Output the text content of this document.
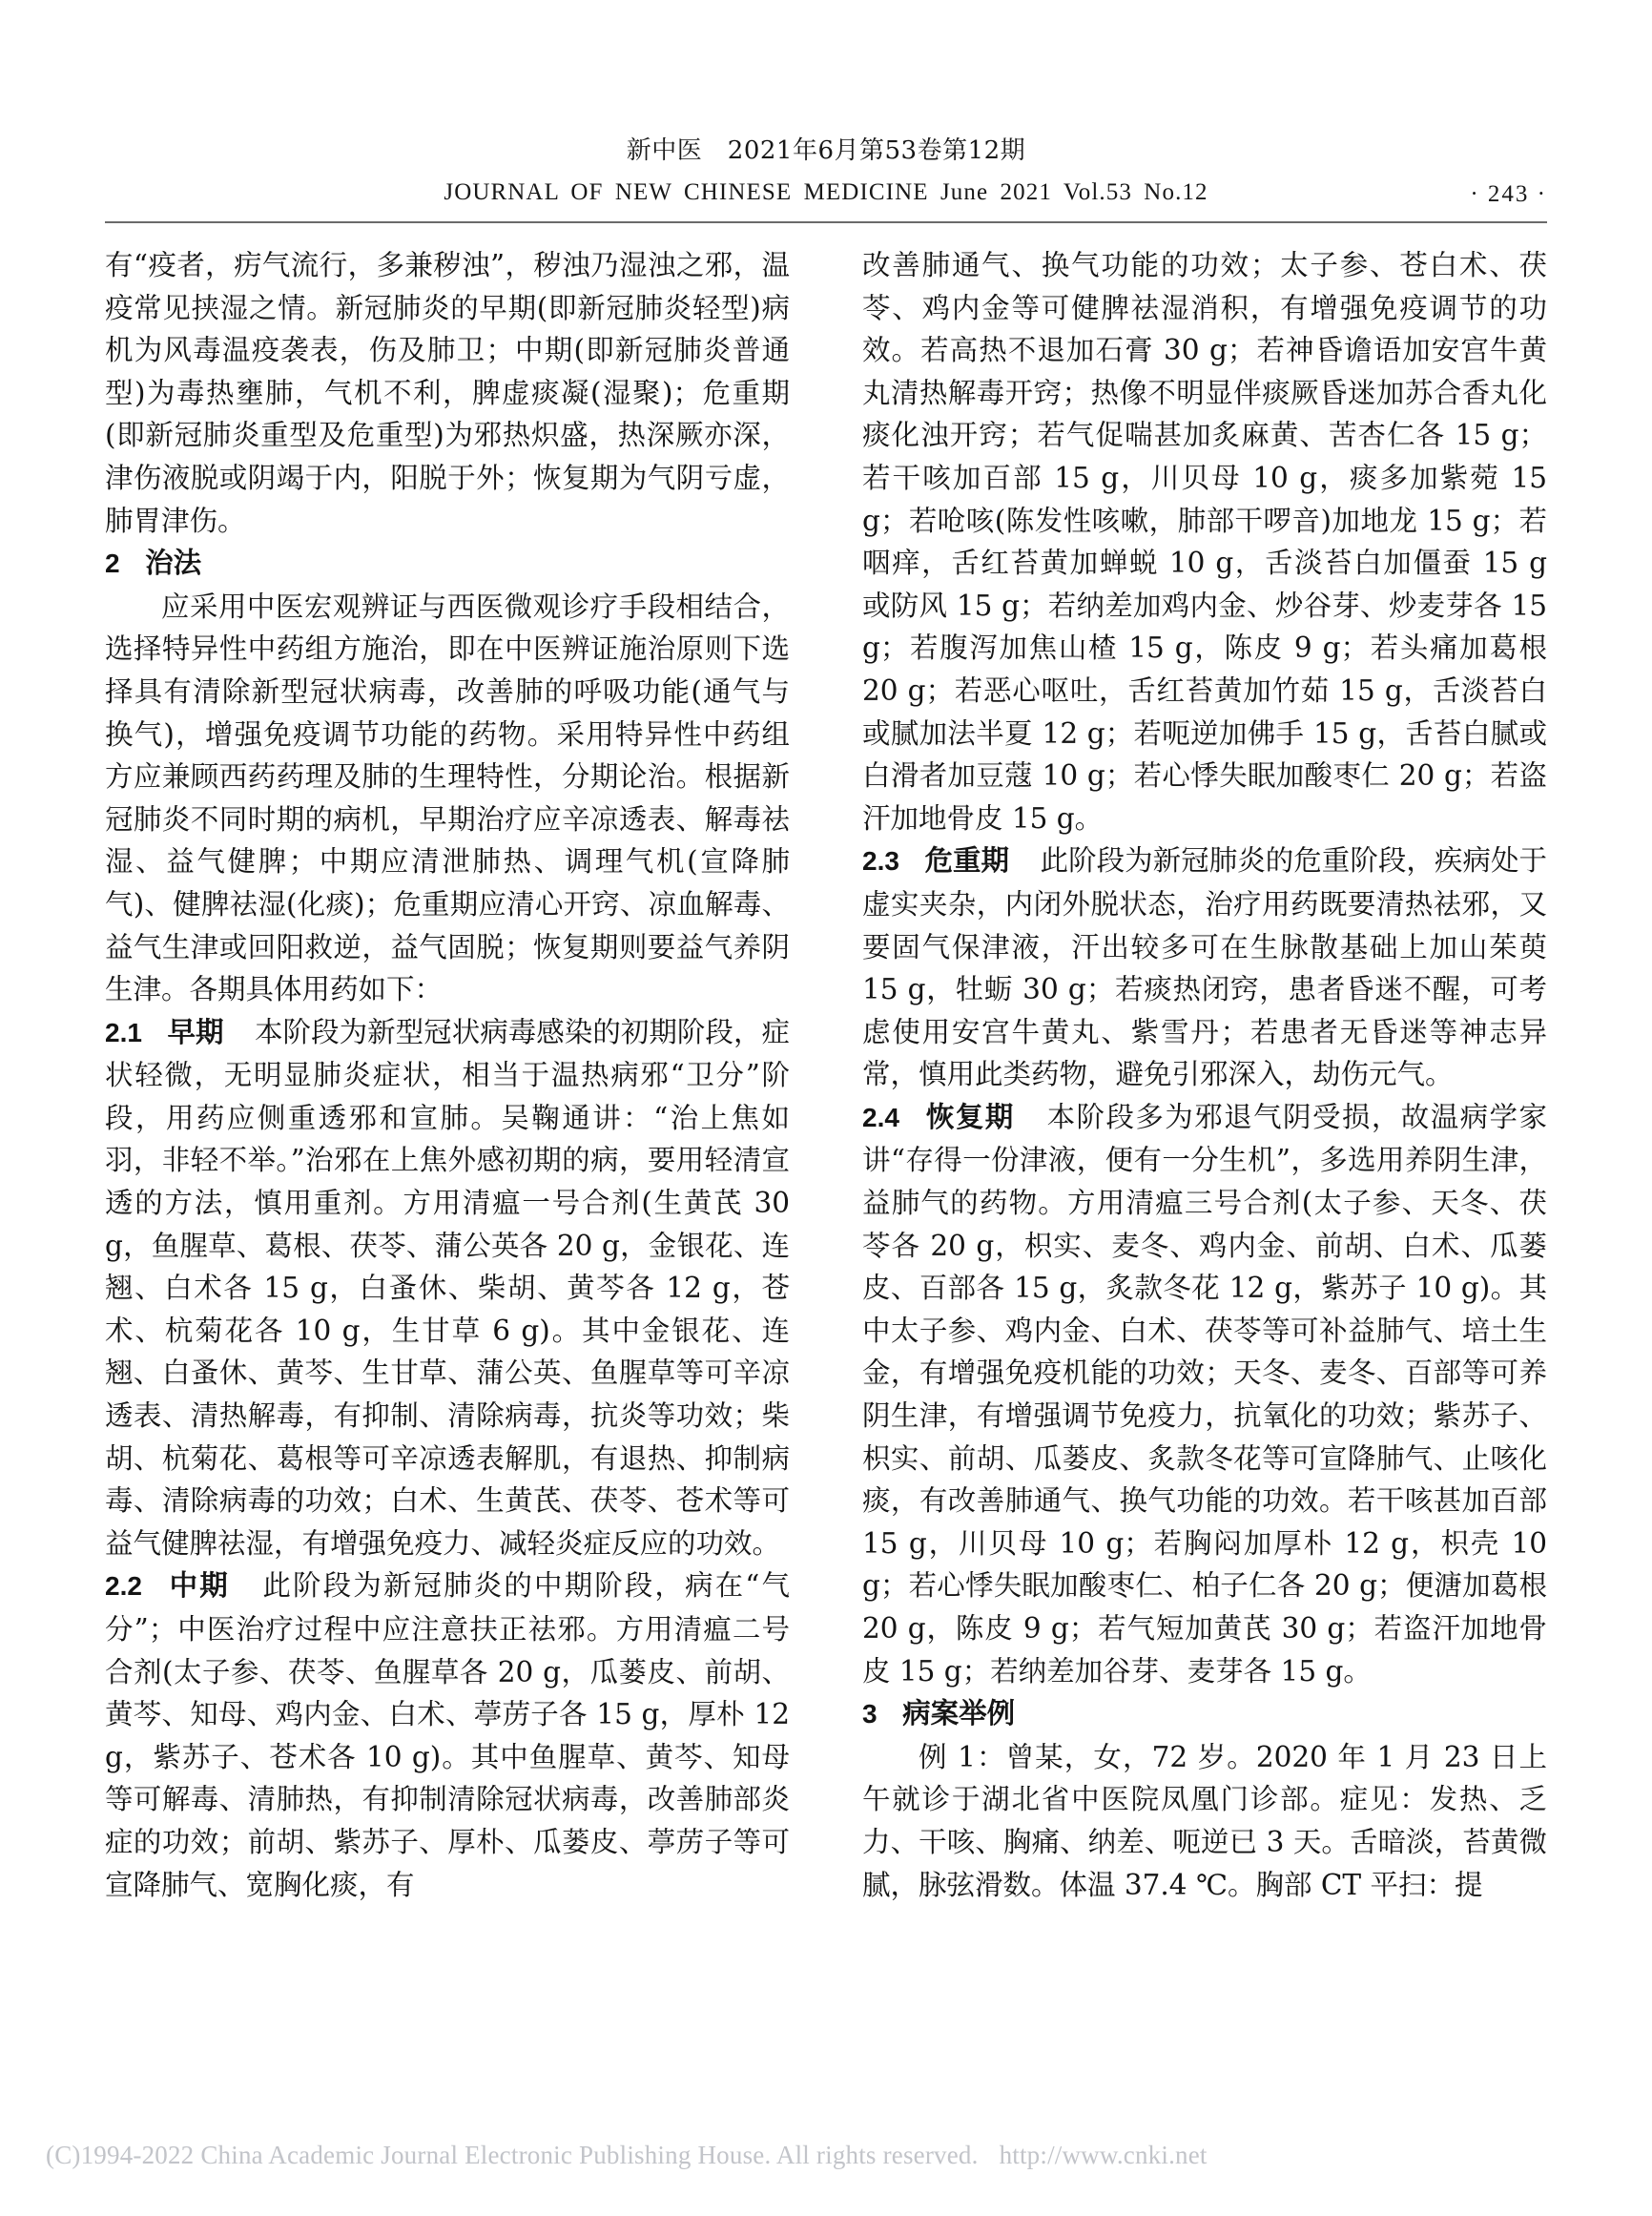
新中医　2021年6月第53卷第12期
JOURNAL OF NEW CHINESE MEDICINE June 2021 Vol.53 No.12	· 243 ·

有“疫者，疠气流行，多兼秽浊”，秽浊乃湿浊之邪，温疫常见挟湿之情。新冠肺炎的早期(即新冠肺炎轻型)病机为风毒温疫袭表，伤及肺卫；中期(即新冠肺炎普通型)为毒热壅肺，气机不利，脾虚痰凝(湿聚)；危重期(即新冠肺炎重型及危重型)为邪热炽盛，热深厥亦深，津伤液脱或阴竭于内，阳脱于外；恢复期为气阴亏虚，肺胃津伤。

2 治法

应采用中医宏观辨证与西医微观诊疗手段相结合，选择特异性中药组方施治，即在中医辨证施治原则下选择具有清除新型冠状病毒，改善肺的呼吸功能(通气与换气)，增强免疫调节功能的药物。采用特异性中药组方应兼顾西药药理及肺的生理特性，分期论治。根据新冠肺炎不同时期的病机，早期治疗应辛凉透表、解毒祛湿、益气健脾；中期应清泄肺热、调理气机(宣降肺气)、健脾祛湿(化痰)；危重期应清心开窍、凉血解毒、益气生津或回阳救逆，益气固脱；恢复期则要益气养阴生津。各期具体用药如下：

2.1 早期 本阶段为新型冠状病毒感染的初期阶段，症状轻微，无明显肺炎症状，相当于温热病邪“卫分”阶段，用药应侧重透邪和宣肺。吴鞠通讲：“治上焦如羽，非轻不举。”治邪在上焦外感初期的病，要用轻清宣透的方法，慎用重剂。方用清瘟一号合剂(生黄芪 30 g，鱼腥草、葛根、茯苓、蒲公英各 20 g，金银花、连翘、白术各 15 g，白蚤休、柴胡、黄芩各 12 g，苍术、杭菊花各 10 g，生甘草 6 g)。其中金银花、连翘、白蚤休、黄芩、生甘草、蒲公英、鱼腥草等可辛凉透表、清热解毒，有抑制、清除病毒，抗炎等功效；柴胡、杭菊花、葛根等可辛凉透表解肌，有退热、抑制病毒、清除病毒的功效；白术、生黄芪、茯苓、苍术等可益气健脾祛湿，有增强免疫力、减轻炎症反应的功效。

2.2 中期 此阶段为新冠肺炎的中期阶段，病在“气分”；中医治疗过程中应注意扶正祛邪。方用清瘟二号合剂(太子参、茯苓、鱼腥草各 20 g，瓜蒌皮、前胡、黄芩、知母、鸡内金、白术、葶苈子各 15 g，厚朴 12 g，紫苏子、苍术各 10 g)。其中鱼腥草、黄芩、知母等可解毒、清肺热，有抑制清除冠状病毒，改善肺部炎症的功效；前胡、紫苏子、厚朴、瓜蒌皮、葶苈子等可宣降肺气、宽胸化痰，有

改善肺通气、换气功能的功效；太子参、苍白术、茯苓、鸡内金等可健脾祛湿消积，有增强免疫调节的功效。若高热不退加石膏 30 g；若神昏谵语加安宫牛黄丸清热解毒开窍；热像不明显伴痰厥昏迷加苏合香丸化痰化浊开窍；若气促喘甚加炙麻黄、苦杏仁各 15 g；若干咳加百部 15 g，川贝母 10 g，痰多加紫菀 15 g；若呛咳(陈发性咳嗽，肺部干啰音)加地龙 15 g；若咽痒，舌红苔黄加蝉蜕 10 g，舌淡苔白加僵蚕 15 g 或防风 15 g；若纳差加鸡内金、炒谷芽、炒麦芽各 15 g；若腹泻加焦山楂 15 g，陈皮 9 g；若头痛加葛根 20 g；若恶心呕吐，舌红苔黄加竹茹 15 g，舌淡苔白或腻加法半夏 12 g；若呃逆加佛手 15 g，舌苔白腻或白滑者加豆蔻 10 g；若心悸失眠加酸枣仁 20 g；若盗汗加地骨皮 15 g。

2.3 危重期 此阶段为新冠肺炎的危重阶段，疾病处于虚实夹杂，内闭外脱状态，治疗用药既要清热祛邪，又要固气保津液，汗出较多可在生脉散基础上加山茱萸 15 g，牡蛎 30 g；若痰热闭窍，患者昏迷不醒，可考虑使用安宫牛黄丸、紫雪丹；若患者无昏迷等神志异常，慎用此类药物，避免引邪深入，劫伤元气。

2.4 恢复期 本阶段多为邪退气阴受损，故温病学家讲“存得一份津液，便有一分生机”，多选用养阴生津，益肺气的药物。方用清瘟三号合剂(太子参、天冬、茯苓各 20 g，枳实、麦冬、鸡内金、前胡、白术、瓜蒌皮、百部各 15 g，炙款冬花 12 g，紫苏子 10 g)。其中太子参、鸡内金、白术、茯苓等可补益肺气、培土生金，有增强免疫机能的功效；天冬、麦冬、百部等可养阴生津，有增强调节免疫力，抗氧化的功效；紫苏子、枳实、前胡、瓜蒌皮、炙款冬花等可宣降肺气、止咳化痰，有改善肺通气、换气功能的功效。若干咳甚加百部 15 g，川贝母 10 g；若胸闷加厚朴 12 g，枳壳 10 g；若心悸失眠加酸枣仁、柏子仁各 20 g；便溏加葛根 20 g，陈皮 9 g；若气短加黄芪 30 g；若盗汗加地骨皮 15 g；若纳差加谷芽、麦芽各 15 g。

3 病案举例

例 1：曾某，女，72 岁。2020 年 1 月 23 日上午就诊于湖北省中医院凤凰门诊部。症见：发热、乏力、干咳、胸痛、纳差、呃逆已 3 天。舌暗淡，苔黄微腻，脉弦滑数。体温 37.4 ℃。胸部 CT 平扫：提

(C)1994-2022 China Academic Journal Electronic Publishing House. All rights reserved. http://www.cnki.net
